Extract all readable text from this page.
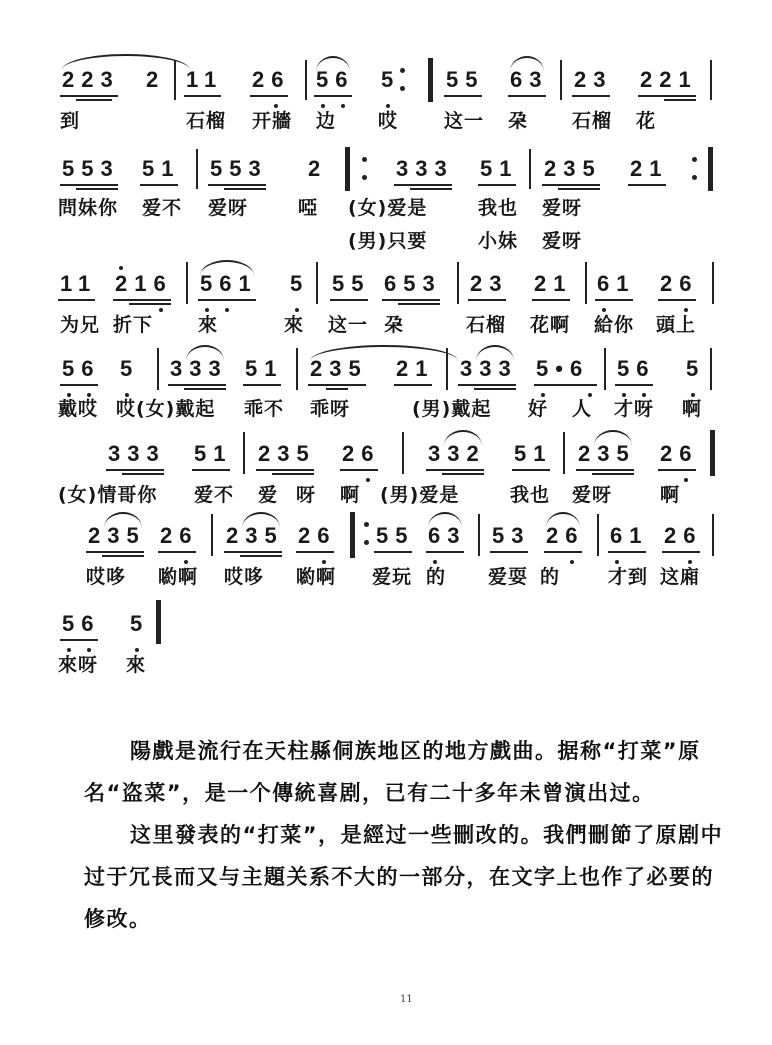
223 2 11 26 56 5 55 63 23 221
到	石榴 开牆 边 哎 这一 朶 石榴 花
553 51 553 2	333 51 235 21
問妹你 爱不 爱呀	啞 (女)爱是	我也 爱呀
(男)只要	小妹 爱呀
11 216 561 5 55 653 23 21 61 26
为兄 折下 來	來 这一 朶	石榴 花啊 給你 頭上
56 5 333 51 235 21 333 5•6 56 5
戴哎 哎(女)戴起 乖不 乖呀	(男)戴起 好 人 才呀 啊
333 51 235 26 332 51 235 26
(女)情哥你 爱不 爱 呀 啊 (男)爱是	我也 爱呀	啊
235 26 235 26 55 63 53 26 61 26
哎哆 喲啊 哎哆 喲啊 爱玩 的 爱耍 的	才到 这廂
56 5
來呀 來

陽戲是流行在天柱縣侗族地区的地方戲曲。据称“打菜”原名“盗菜”，是一个傳統喜剧，已有二十多年未曾演出过。

这里發表的“打菜”，是經过一些刪改的。我們刪節了原剧中过于冗長而又与主題关系不大的一部分，在文字上也作了必要的修改。

11
